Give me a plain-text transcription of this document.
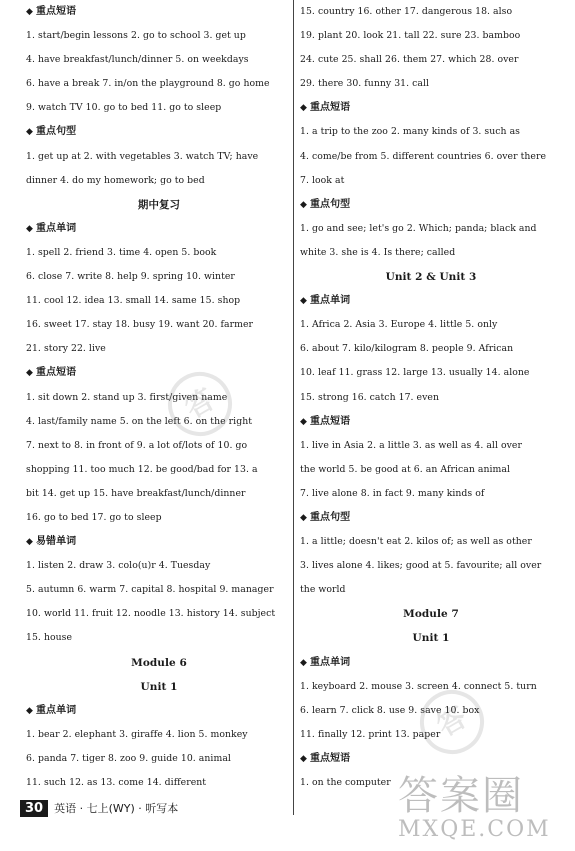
◆ 重点短语
1. start/begin lessons 2. go to school 3. get up
4. have breakfast/lunch/dinner 5. on weekdays
6. have a break 7. in/on the playground 8. go home
9. watch TV 10. go to bed 11. go to sleep
◆ 重点句型
1. get up at 2. with vegetables 3. watch TV; have
dinner 4. do my homework; go to bed
期中复习
◆ 重点单词
1. spell 2. friend 3. time 4. open 5. book
6. close 7. write 8. help 9. spring 10. winter
11. cool 12. idea 13. small 14. same 15. shop
16. sweet 17. stay 18. busy 19. want 20. farmer
21. story 22. live
◆ 重点短语
1. sit down 2. stand up 3. first/given name
4. last/family name 5. on the left 6. on the right
7. next to 8. in front of 9. a lot of/lots of 10. go
shopping 11. too much 12. be good/bad for 13. a
bit 14. get up 15. have breakfast/lunch/dinner
16. go to bed 17. go to sleep
◆ 易错单词
1. listen 2. draw 3. colo(u)r 4. Tuesday
5. autumn 6. warm 7. capital 8. hospital 9. manager
10. world 11. fruit 12. noodle 13. history 14. subject
15. house
Module 6
Unit 1
◆ 重点单词
1. bear 2. elephant 3. giraffe 4. lion 5. monkey
6. panda 7. tiger 8. zoo 9. guide 10. animal
11. such 12. as 13. come 14. different
15. country 16. other 17. dangerous 18. also
19. plant 20. look 21. tall 22. sure 23. bamboo
24. cute 25. shall 26. them 27. which 28. over
29. there 30. funny 31. call
◆ 重点短语
1. a trip to the zoo 2. many kinds of 3. such as
4. come/be from 5. different countries 6. over there
7. look at
◆ 重点句型
1. go and see; let's go 2. Which; panda; black and
white 3. she is 4. Is there; called
Unit 2 & Unit 3
◆ 重点单词
1. Africa 2. Asia 3. Europe 4. little 5. only
6. about 7. kilo/kilogram 8. people 9. African
10. leaf 11. grass 12. large 13. usually 14. alone
15. strong 16. catch 17. even
◆ 重点短语
1. live in Asia 2. a little 3. as well as 4. all over
the world 5. be good at 6. an African animal
7. live alone 8. in fact 9. many kinds of
◆ 重点句型
1. a little; doesn't eat 2. kilos of; as well as other
3. lives alone 4. likes; good at 5. favourite; all over
the world
Module 7
Unit 1
◆ 重点单词
1. keyboard 2. mouse 3. screen 4. connect 5. turn
6. learn 7. click 8. use 9. save 10. box
11. finally 12. print 13. paper
◆ 重点短语
1. on the computer
答
答
答案圈
MXQE.COM
30	英语 · 七上(WY) · 听写本
